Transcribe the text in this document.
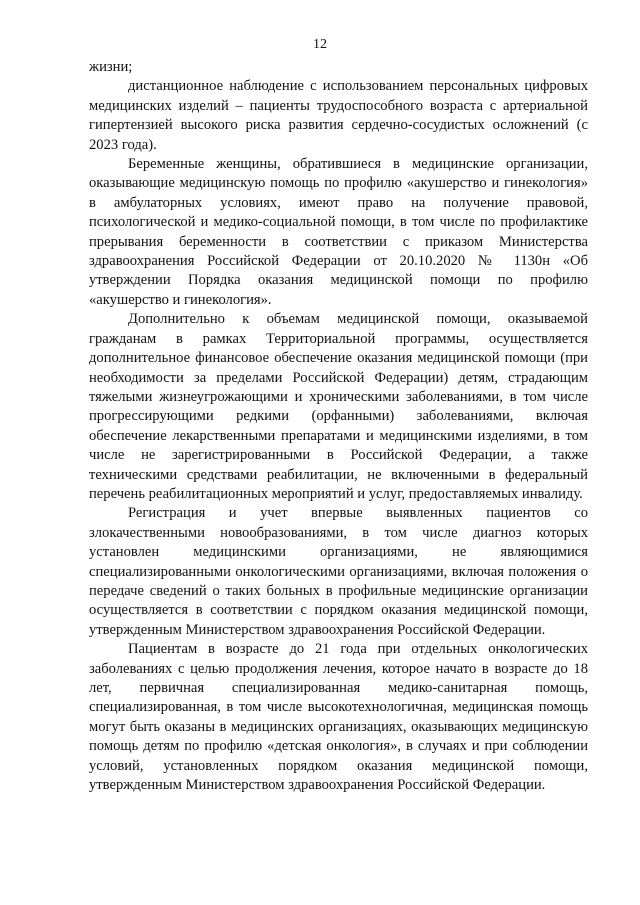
12

жизни;

дистанционное наблюдение с использованием персональных цифровых медицинских изделий – пациенты трудоспособного возраста с артериальной гипертензией высокого риска развития сердечно-сосудистых осложнений (с 2023 года).

Беременные женщины, обратившиеся в медицинские организации, оказывающие медицинскую помощь по профилю «акушерство и гинекология» в амбулаторных условиях, имеют право на получение правовой, психологической и медико-социальной помощи, в том числе по профилактике прерывания беременности в соответствии с приказом Министерства здравоохранения Российской Федерации от 20.10.2020 № 1130н «Об утверждении Порядка оказания медицинской помощи по профилю «акушерство и гинекология».

Дополнительно к объемам медицинской помощи, оказываемой гражданам в рамках Территориальной программы, осуществляется дополнительное финансовое обеспечение оказания медицинской помощи (при необходимости за пределами Российской Федерации) детям, страдающим тяжелыми жизнеугрожающими и хроническими заболеваниями, в том числе прогрессирующими редкими (орфанными) заболеваниями, включая обеспечение лекарственными препаратами и медицинскими изделиями, в том числе не зарегистрированными в Российской Федерации, а также техническими средствами реабилитации, не включенными в федеральный перечень реабилитационных мероприятий и услуг, предоставляемых инвалиду.

Регистрация и учет впервые выявленных пациентов со злокачественными новообразованиями, в том числе диагноз которых установлен медицинскими организациями, не являющимися специализированными онкологическими организациями, включая положения о передаче сведений о таких больных в профильные медицинские организации осуществляется в соответствии с порядком оказания медицинской помощи, утвержденным Министерством здравоохранения Российской Федерации.

Пациентам в возрасте до 21 года при отдельных онкологических заболеваниях с целью продолжения лечения, которое начато в возрасте до 18 лет, первичная специализированная медико-санитарная помощь, специализированная, в том числе высокотехнологичная, медицинская помощь могут быть оказаны в медицинских организациях, оказывающих медицинскую помощь детям по профилю «детская онкология», в случаях и при соблюдении условий, установленных порядком оказания медицинской помощи, утвержденным Министерством здравоохранения Российской Федерации.
